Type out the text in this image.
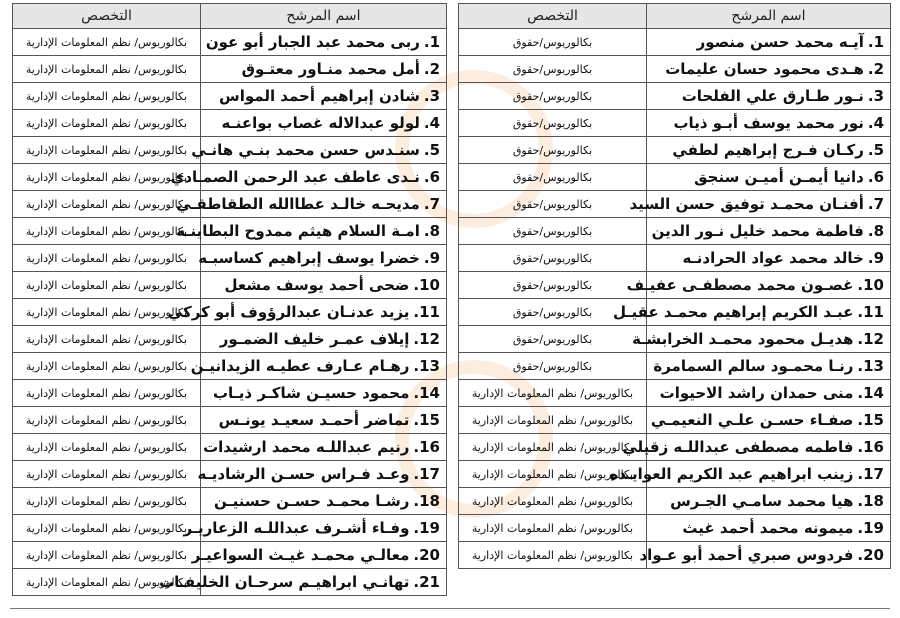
اسم المرشح	التخصص
1.آيـه محمد حسن منصور	بكالوريوس/حقوق
2.هـدى محمود حسان عليمات	بكالوريوس/حقوق
3.نـور طـارق علي الفلحات	بكالوريوس/حقوق
4.نور محمد يوسف أبـو ذياب	بكالوريوس/حقوق
5.ركـان فـرج إبراهيم لطفي	بكالوريوس/حقوق
6.دانيا أيمـن أميـن سنجق	بكالوريوس/حقوق
7.أفنـان محمـد توفيق حسن السيد	بكالوريوس/حقوق
8.فاطمة محمد خليل نـور الدين	بكالوريوس/حقوق
9.خالد محمد عواد الحرادنـه	بكالوريوس/حقوق
10.غصـون محمد مصطفـى عفيـف	بكالوريوس/حقوق
11.عبـد الكريم إبراهيم محمـد عقيـل	بكالوريوس/حقوق
12.هديـل محمود محمـد الخرابشـة	بكالوريوس/حقوق
13.رنـا محمـود سالم السمامرة	بكالوريوس/حقوق
14.منى حمدان راشد الاحيوات	بكالوريوس/ نظم المعلومات الإدارية
15.صفـاء حسـن علـي النعيمـي	بكالوريوس/ نظم المعلومات الإدارية
16.فاطمه مصطفى عبداللـه زقيلي	بكالوريوس/ نظم المعلومات الإدارية
17.زينب ابراهيم عبد الكريم العوايـده	بكالوريوس/ نظم المعلومات الإدارية
18.هيا محمد سامـي الجـرس	بكالوريوس/ نظم المعلومات الإدارية
19.ميمونه محمد أحمد غيث	بكالوريوس/ نظم المعلومات الإدارية
20.فردوس صبري أحمد أبو عـواد	بكالوريوس/ نظم المعلومات الإدارية
اسم المرشح	التخصص
1.ربى محمد عبد الجبار أبو عون	بكالوريوس/ نظم المعلومات الإدارية
2.أمل محمد منـاور معتـوق	بكالوريوس/ نظم المعلومات الإدارية
3.شادن إبراهيم أحمد المواس	بكالوريوس/ نظم المعلومات الإدارية
4.لولو عبدالاله غصاب بواعنـه	بكالوريوس/ نظم المعلومات الإدارية
5.سنـدس حسن محمد بنـي هانـي	بكالوريوس/ نظم المعلومات الإدارية
6.نـدى عاطف عبد الرحمن الصمـادي	بكالوريوس/ نظم المعلومات الإدارية
7.مديحـه خالـد عطاالله الطقاطقـي	بكالوريوس/ نظم المعلومات الإدارية
8.امـة السلام هيثم ممدوح البطاينـه	بكالوريوس/ نظم المعلومات الإدارية
9.خضرا يوسف إبراهيم كساسبـه	بكالوريوس/ نظم المعلومات الإدارية
10.ضحى أحمد يوسف مشعل	بكالوريوس/ نظم المعلومات الإدارية
11.يزيد عدنـان عبدالرؤوف أبو كركي	بكالوريوس/ نظم المعلومات الإدارية
12.إيلاف عمـر خليف الضمـور	بكالوريوس/ نظم المعلومات الإدارية
13.رهـام عـارف عطيـه الزيدانيـن	بكالوريوس/ نظم المعلومات الإدارية
14.محمود حسيـن شاكـر ذيـاب	بكالوريوس/ نظم المعلومات الإدارية
15.تماضر أحمـد سعيـد يونـس	بكالوريوس/ نظم المعلومات الإدارية
16.رنيم عبداللـه محمد ارشيدات	بكالوريوس/ نظم المعلومات الإدارية
17.وعـد فـراس حسـن الرشاديـه	بكالوريوس/ نظم المعلومات الإدارية
18.رشـا محمـد حسـن حسنيـن	بكالوريوس/ نظم المعلومات الإدارية
19.وفـاء أشـرف عبداللـه الزعاريـر	بكالوريوس/ نظم المعلومات الإدارية
20.معالـي محمـد غيـث السواعيـر	بكالوريوس/ نظم المعلومات الإدارية
21.تهانـي ابراهيـم سرحـان الخليفـات	بكالوريوس/ نظم المعلومات الإدارية
